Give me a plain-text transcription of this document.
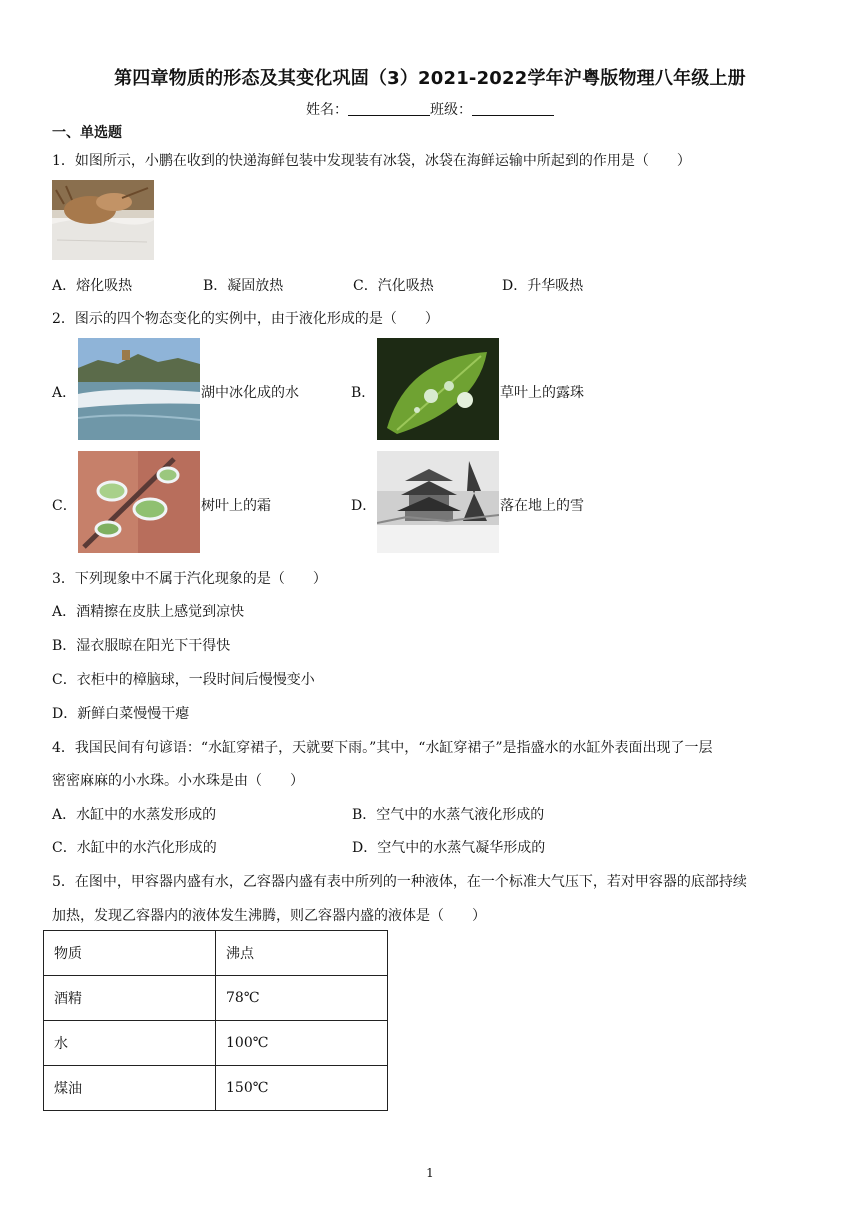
第四章物质的形态及其变化巩固（3）2021-2022学年沪粤版物理八年级上册
姓名：	班级：
一、单选题
1．如图所示，小鹏在收到的快递海鲜包装中发现装有冰袋，冰袋在海鲜运输中所起到的作用是（　　）
A．熔化吸热	B．凝固放热	C．汽化吸热	D．升华吸热
2．图示的四个物态变化的实例中，由于液化形成的是（　　）
A．	湖中冰化成的水	B．	草叶上的露珠
C．	树叶上的霜	D．	落在地上的雪
3．下列现象中不属于汽化现象的是（　　）
A．酒精擦在皮肤上感觉到凉快
B．湿衣服晾在阳光下干得快
C．衣柜中的樟脑球，一段时间后慢慢变小
D．新鲜白菜慢慢干瘪
4．我国民间有句谚语：“水缸穿裙子，天就要下雨。”其中，“水缸穿裙子”是指盛水的水缸外表面出现了一层
密密麻麻的小水珠。小水珠是由（　　）
A．水缸中的水蒸发形成的	B．空气中的水蒸气液化形成的
C．水缸中的水汽化形成的	D．空气中的水蒸气凝华形成的
5．在图中，甲容器内盛有水，乙容器内盛有表中所列的一种液体，在一个标准大气压下，若对甲容器的底部持续
加热，发现乙容器内的液体发生沸腾，则乙容器内盛的液体是（　　）
物质	沸点
酒精	78℃
水	100℃
煤油	150℃
1
